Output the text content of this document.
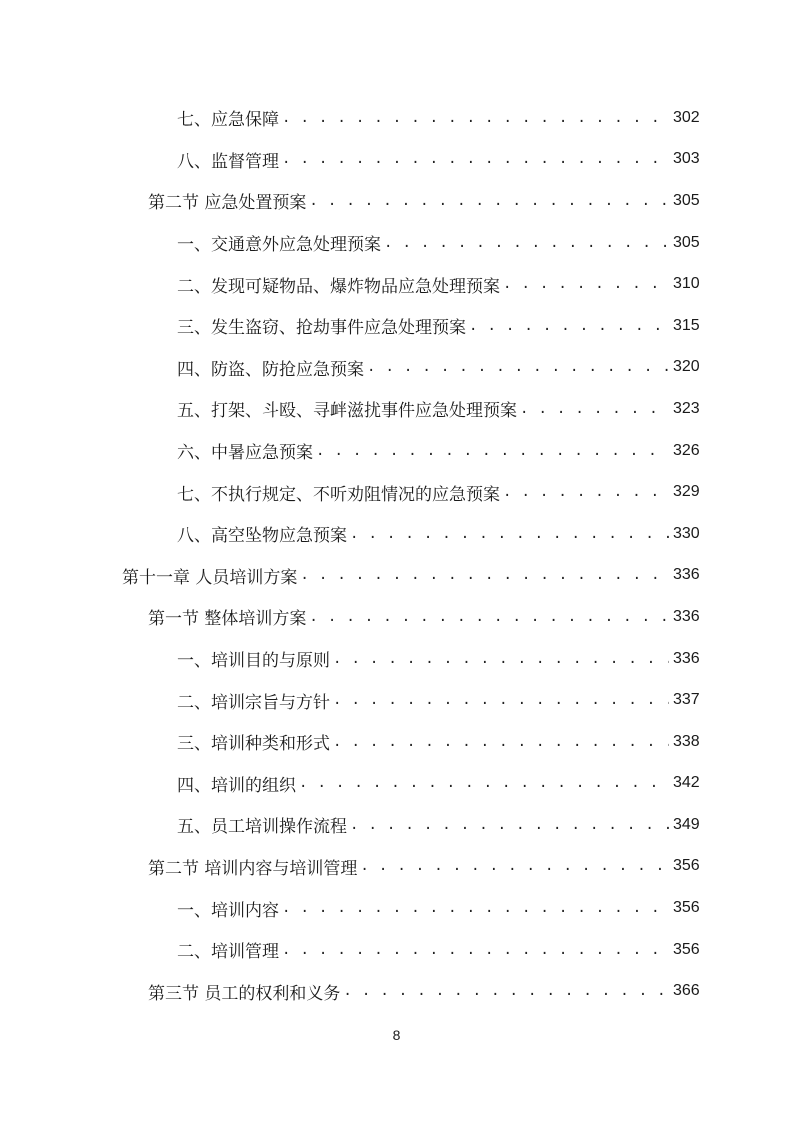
七、应急保障 . . .	302
八、监督管理 . . .	303
第二节 应急处置预案 . . .	305
一、交通意外应急处理预案 . . .	305
二、发现可疑物品、爆炸物品应急处理预案 . . .	310
三、发生盗窃、抢劫事件应急处理预案 . . .	315
四、防盗、防抢应急预案 . . .	320
五、打架、斗殴、寻衅滋扰事件应急处理预案 . . .	323
六、中暑应急预案 . . .	326
七、不执行规定、不听劝阻情况的应急预案 . . .	329
八、高空坠物应急预案 . . .	330
第十一章 人员培训方案 . . .	336
第一节 整体培训方案 . . .	336
一、培训目的与原则 . . .	336
二、培训宗旨与方针 . . .	337
三、培训种类和形式 . . .	338
四、培训的组织 . . .	342
五、员工培训操作流程 . . .	349
第二节 培训内容与培训管理 . . .	356
一、培训内容 . . .	356
二、培训管理 . . .	356
第三节 员工的权利和义务 . . .	366
8
